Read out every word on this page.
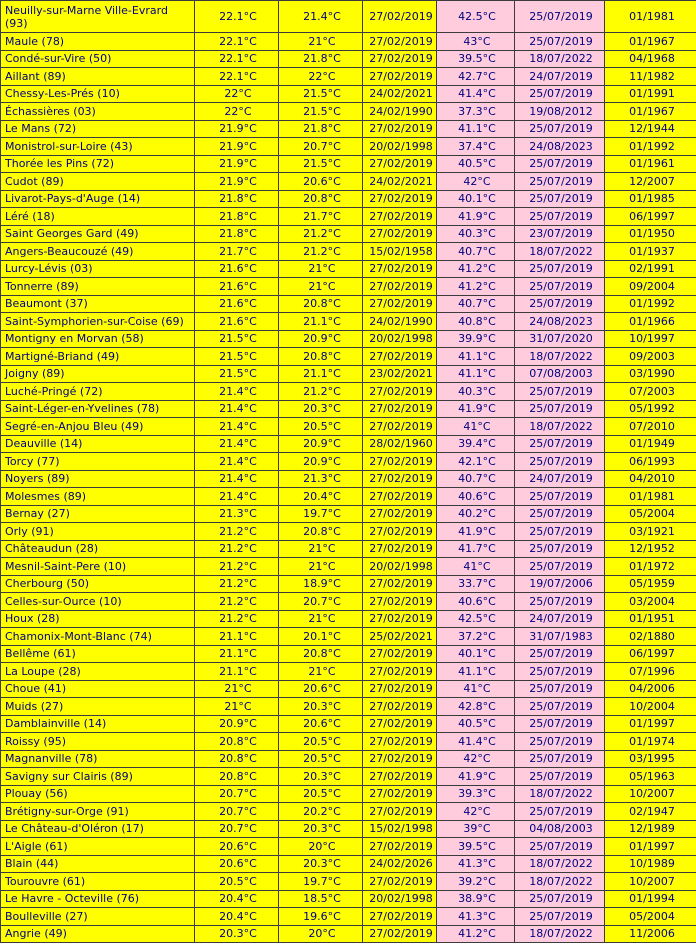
Neuilly-sur-Marne Ville-Evrard (93)	22.1°C	21.4°C	27/02/2019	42.5°C	25/07/2019	01/1981
Maule (78)	22.1°C	21°C	27/02/2019	43°C	25/07/2019	01/1967
Condé-sur-Vire (50)	22.1°C	21.8°C	27/02/2019	39.5°C	18/07/2022	04/1968
Aillant (89)	22.1°C	22°C	27/02/2019	42.7°C	24/07/2019	11/1982
Chessy-Les-Prés (10)	22°C	21.5°C	24/02/2021	41.4°C	25/07/2019	01/1991
Échassières (03)	22°C	21.5°C	24/02/1990	37.3°C	19/08/2012	01/1967
Le Mans (72)	21.9°C	21.8°C	27/02/2019	41.1°C	25/07/2019	12/1944
Monistrol-sur-Loire (43)	21.9°C	20.7°C	20/02/1998	37.4°C	24/08/2023	01/1992
Thorée les Pins (72)	21.9°C	21.5°C	27/02/2019	40.5°C	25/07/2019	01/1961
Cudot (89)	21.9°C	20.6°C	24/02/2021	42°C	25/07/2019	12/2007
Livarot-Pays-d'Auge (14)	21.8°C	20.8°C	27/02/2019	40.1°C	25/07/2019	01/1985
Léré (18)	21.8°C	21.7°C	27/02/2019	41.9°C	25/07/2019	06/1997
Saint Georges Gard (49)	21.8°C	21.2°C	27/02/2019	40.3°C	23/07/2019	01/1950
Angers-Beaucouzé (49)	21.7°C	21.2°C	15/02/1958	40.7°C	18/07/2022	01/1937
Lurcy-Lévis (03)	21.6°C	21°C	27/02/2019	41.2°C	25/07/2019	02/1991
Tonnerre (89)	21.6°C	21°C	27/02/2019	41.2°C	25/07/2019	09/2004
Beaumont (37)	21.6°C	20.8°C	27/02/2019	40.7°C	25/07/2019	01/1992
Saint-Symphorien-sur-Coise (69)	21.6°C	21.1°C	24/02/1990	40.8°C	24/08/2023	01/1966
Montigny en Morvan (58)	21.5°C	20.9°C	20/02/1998	39.9°C	31/07/2020	10/1997
Martigné-Briand (49)	21.5°C	20.8°C	27/02/2019	41.1°C	18/07/2022	09/2003
Joigny (89)	21.5°C	21.1°C	23/02/2021	41.1°C	07/08/2003	03/1990
Luché-Pringé (72)	21.4°C	21.2°C	27/02/2019	40.3°C	25/07/2019	07/2003
Saint-Léger-en-Yvelines (78)	21.4°C	20.3°C	27/02/2019	41.9°C	25/07/2019	05/1992
Segré-en-Anjou Bleu (49)	21.4°C	20.5°C	27/02/2019	41°C	18/07/2022	07/2010
Deauville (14)	21.4°C	20.9°C	28/02/1960	39.4°C	25/07/2019	01/1949
Torcy (77)	21.4°C	20.9°C	27/02/2019	42.1°C	25/07/2019	06/1993
Noyers (89)	21.4°C	21.3°C	27/02/2019	40.7°C	24/07/2019	04/2010
Molesmes (89)	21.4°C	20.4°C	27/02/2019	40.6°C	25/07/2019	01/1981
Bernay (27)	21.3°C	19.7°C	27/02/2019	40.2°C	25/07/2019	05/2004
Orly (91)	21.2°C	20.8°C	27/02/2019	41.9°C	25/07/2019	03/1921
Châteaudun (28)	21.2°C	21°C	27/02/2019	41.7°C	25/07/2019	12/1952
Mesnil-Saint-Pere (10)	21.2°C	21°C	20/02/1998	41°C	25/07/2019	01/1972
Cherbourg (50)	21.2°C	18.9°C	27/02/2019	33.7°C	19/07/2006	05/1959
Celles-sur-Ource (10)	21.2°C	20.7°C	27/02/2019	40.6°C	25/07/2019	03/2004
Houx (28)	21.2°C	21°C	27/02/2019	42.5°C	24/07/2019	01/1951
Chamonix-Mont-Blanc (74)	21.1°C	20.1°C	25/02/2021	37.2°C	31/07/1983	02/1880
Bellême (61)	21.1°C	20.8°C	27/02/2019	40.1°C	25/07/2019	06/1997
La Loupe (28)	21.1°C	21°C	27/02/2019	41.1°C	25/07/2019	07/1996
Choue (41)	21°C	20.6°C	27/02/2019	41°C	25/07/2019	04/2006
Muids (27)	21°C	20.3°C	27/02/2019	42.8°C	25/07/2019	10/2004
Damblainville (14)	20.9°C	20.6°C	27/02/2019	40.5°C	25/07/2019	01/1997
Roissy (95)	20.8°C	20.5°C	27/02/2019	41.4°C	25/07/2019	01/1974
Magnanville (78)	20.8°C	20.5°C	27/02/2019	42°C	25/07/2019	03/1995
Savigny sur Clairis (89)	20.8°C	20.3°C	27/02/2019	41.9°C	25/07/2019	05/1963
Plouay (56)	20.7°C	20.5°C	27/02/2019	39.3°C	18/07/2022	10/2007
Brétigny-sur-Orge (91)	20.7°C	20.2°C	27/02/2019	42°C	25/07/2019	02/1947
Le Château-d'Oléron (17)	20.7°C	20.3°C	15/02/1998	39°C	04/08/2003	12/1989
L'Aigle (61)	20.6°C	20°C	27/02/2019	39.5°C	25/07/2019	01/1997
Blain (44)	20.6°C	20.3°C	24/02/2026	41.3°C	18/07/2022	10/1989
Tourouvre (61)	20.5°C	19.7°C	27/02/2019	39.2°C	18/07/2022	10/2007
Le Havre - Octeville (76)	20.4°C	18.5°C	20/02/1998	38.9°C	25/07/2019	01/1994
Boulleville (27)	20.4°C	19.6°C	27/02/2019	41.3°C	25/07/2019	05/2004
Angrie (49)	20.3°C	20°C	27/02/2019	41.2°C	18/07/2022	11/2006
